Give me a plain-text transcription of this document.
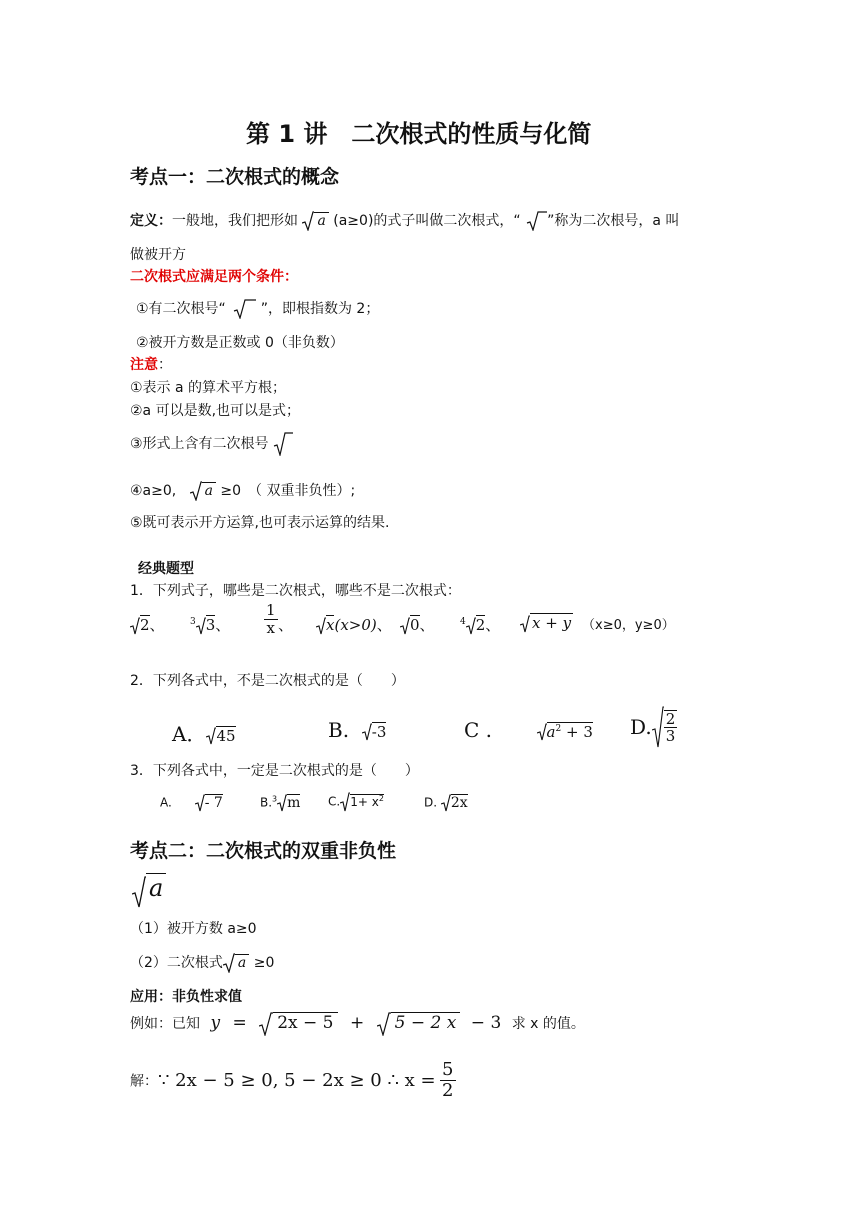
第 1 讲　二次根式的性质与化简
考点一：二次根式的概念
定义：一般地，我们把形如 a (a≥0)的式子叫做二次根式，“ ”称为二次根号，a 叫
做被开方
二次根式应满足两个条件：
①有二次根号“ ”，即根指数为 2；
②被开方数是正数或 0（非负数）
注意：
①表示 a 的算术平方根；
②a 可以是数,也可以是式；
③形式上含有二次根号
④a≥0, a ≥0　（ 双重非负性）;
⑤既可表示开方运算,也可表示运算的结果.
经典题型
1．下列式子，哪些是二次根式，哪些不是二次根式：
2、	$^3$ 3、 $\frac{1}{x}$ 、	x(x>0)、	0、	$^4$ 2、	x + y （x≥0，y≥0）
2．下列各式中，不是二次根式的是（　　）
A． 45	B. -3	C .	$a^2 + 3$ D. $\frac{2}{3}$
3．下列各式中，一定是二次根式的是（　　）
A. - 7	B.$^3$ m C. $1+ x^2$	D. 2x
考点二：二次根式的双重非负性
a
（1）被开方数 a≥0
（2）二次根式 a ≥0
应用：非负性求值
例如：已知 y = 2x − 5 + 5 − 2 x − 3 求 x 的值。
解：∵ 2x − 5 ≥ 0, 5 − 2x ≥ 0 ∴ $x = \frac{5}{2}$
